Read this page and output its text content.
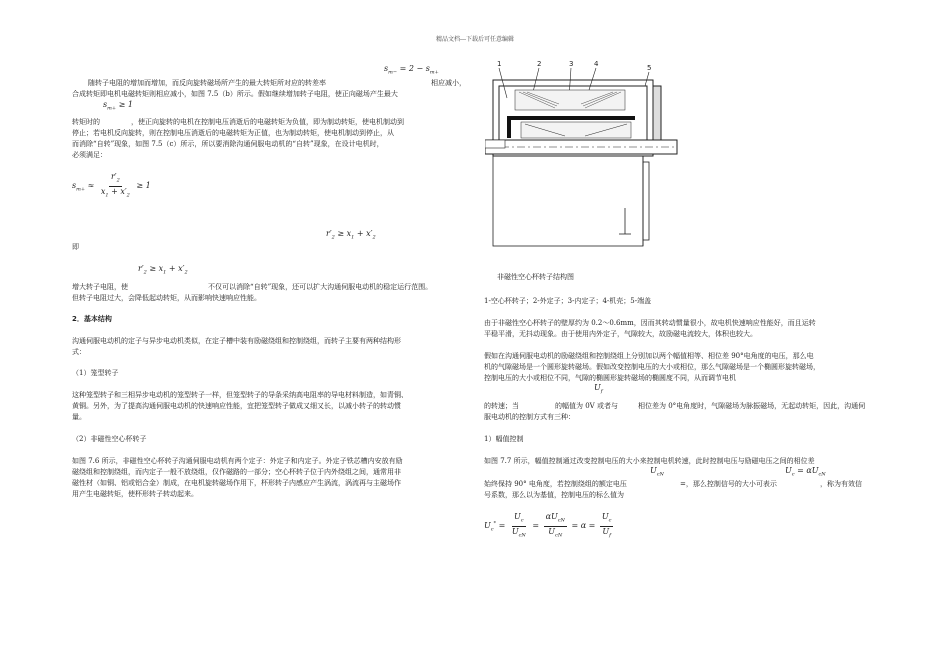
精品文档---下载后可任意编辑
$s_{m-} = 2 - s_{m+}$
随转子电阻的增加而增加，而反向旋转磁场所产生的最大转矩所对应的转差率	相应减小，
合成转矩即电机电磁转矩则相应减小，如图 7.5（b）所示。假如继续增加转子电阻，使正向磁场产生最大
$s_{m+} \ge 1$
转矩时的	，使正向旋转的电机在控制电压消逝后的电磁转矩为负值，即为制动转矩，使电机制动到
停止；若电机反向旋转，则在控制电压消逝后的电磁转矩为正值，也为制动转矩，使电机制动到停止，从
而消除“自转”现象，如图 7.5（c）所示，所以要消除沟通伺服电动机的“自转”现象，在设计电机时，
必须满足：
$s_{m+} \approx \frac{r'_2}{x_1 + x'_2} \ge 1$
$r'_2 \ge x_1 + x'_2$
即
$r'_2 \ge x_1 + x'_2$
增大转子电阻，使	不仅可以消除“自转”现象，还可以扩大沟通伺服电动机的稳定运行范围。
但转子电阻过大，会降低起动转矩，从而影响快速响应性能。
2．基本结构
沟通伺服电动机的定子与异步电动机类似，在定子槽中装有励磁绕组和控制绕组，而转子主要有两种结构形
式：
（1）笼型转子
这种笼型转子和三相异步电动机的笼型转子一样，但笼型转子的导条采纳高电阻率的导电材料制造，如青铜、
黄铜。另外，为了提高沟通伺服电动机的快速响应性能，宜把笼型转子做成又细又长，以减小转子的转动惯
量。
（2）非磁性空心杯转子
如图 7.6 所示，非磁性空心杯转子沟通伺服电动机有两个定子：外定子和内定子。外定子铁芯槽内安放有励
磁绕组和控制绕组，而内定子一般不放绕组，仅作磁路的一部分；空心杯转子位于内外绕组之间，通常用非
磁性材（如铜、铝或铝合金）制成，在电机旋转磁场作用下，杯形转子内感应产生涡流，涡流再与主磁场作
用产生电磁转矩，使杯形转子转动起来。
1	2	3	4	5
非磁性空心杯转子结构图
1-空心杯转子；2-外定子；3-内定子；4-机壳；5-端盖
由于非磁性空心杯转子的壁厚约为 0.2～0.6mm，因而其转动惯量很小，故电机快速响应性能好，而且运转
平稳平滑，无抖动现象。由于使用内外定子，气隙较大，故励磁电流较大，体积也较大。
假如在沟通伺服电动机的励磁绕组和控制绕组上分别加以两个幅值相等、相位差 90°电角度的电压，那么电
机的气隙磁场是一个圆形旋转磁场。假如改变控制电压的大小或相位，那么气隙磁场是一个椭圆形旋转磁场，
控制电压的大小或相位不同，气隙的椭圆形旋转磁场的椭圆度不同，从而调节电机
$U_f$
的转速；当	的幅值为 0V 或者与	相位差为 0°电角度时，气隙磁场为脉振磁场，无起动转矩，因此，沟通伺
服电动机的控制方式有三种：
1）幅值控制
如图 7.7 所示，幅值控制通过改变控制电压的大小来控制电机转速，此时控制电压与励磁电压之间的相位差
$U_{cN}$	$U_c = \alpha U_{cN}$
始终保持 90° 电角度，若控制绕组的额定电压	=，那么控制信号的大小可表示	，称为有效信
号系数，那么以为基值，控制电压的标么值为
$U_c^* = \frac{U_c}{U_{cN}} = \frac{\alpha U_{cN}}{U_{cN}} = \alpha = \frac{U_c}{U_f}$
